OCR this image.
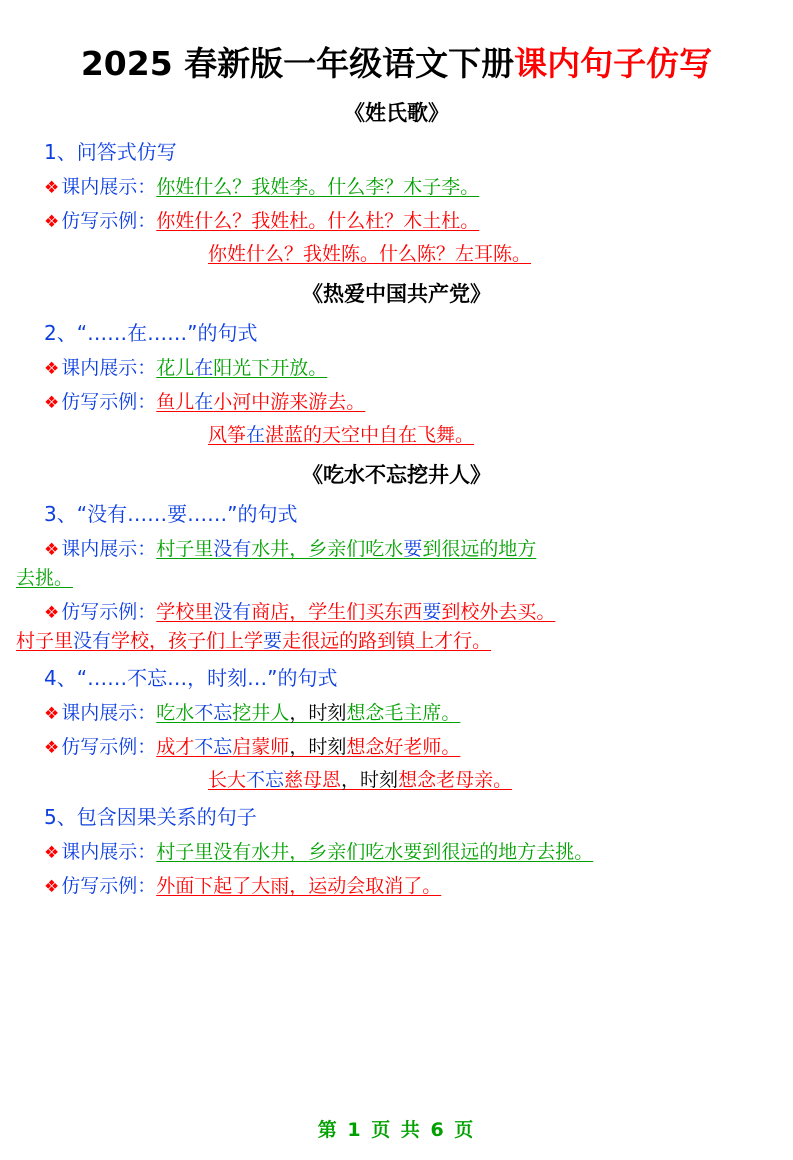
2025 春新版一年级语文下册课内句子仿写
《姓氏歌》
1、问答式仿写
❖ 课内展示： 你姓什么？我姓李。什么李？木子李。
❖ 仿写示例： 你姓什么？我姓杜。什么杜？木土杜。
你姓什么？我姓陈。什么陈？左耳陈。
《热爱中国共产党》
2、“……在……”的句式
❖ 课内展示： 花儿在阳光下开放。
❖ 仿写示例： 鱼儿在小河中游来游去。
风筝在湛蓝的天空中自在飞舞。
《吃水不忘挖井人》
3、“没有……要……”的句式
❖ 课内展示： 村子里没有水井，乡亲们吃水要到很远的地方
去挑。
❖ 仿写示例： 学校里没有商店，学生们买东西要到校外去买。
村子里没有学校，孩子们上学要走很远的路到镇上才行。
4、“……不忘…，时刻…”的句式
❖ 课内展示： 吃水不忘挖井人，时刻想念毛主席。
❖ 仿写示例： 成才不忘启蒙师，时刻想念好老师。
长大不忘慈母恩，时刻想念老母亲。
5、包含因果关系的句子
❖ 课内展示： 村子里没有水井，乡亲们吃水要到很远的地方去挑。
❖ 仿写示例： 外面下起了大雨，运动会取消了。
第 1 页 共 6 页
